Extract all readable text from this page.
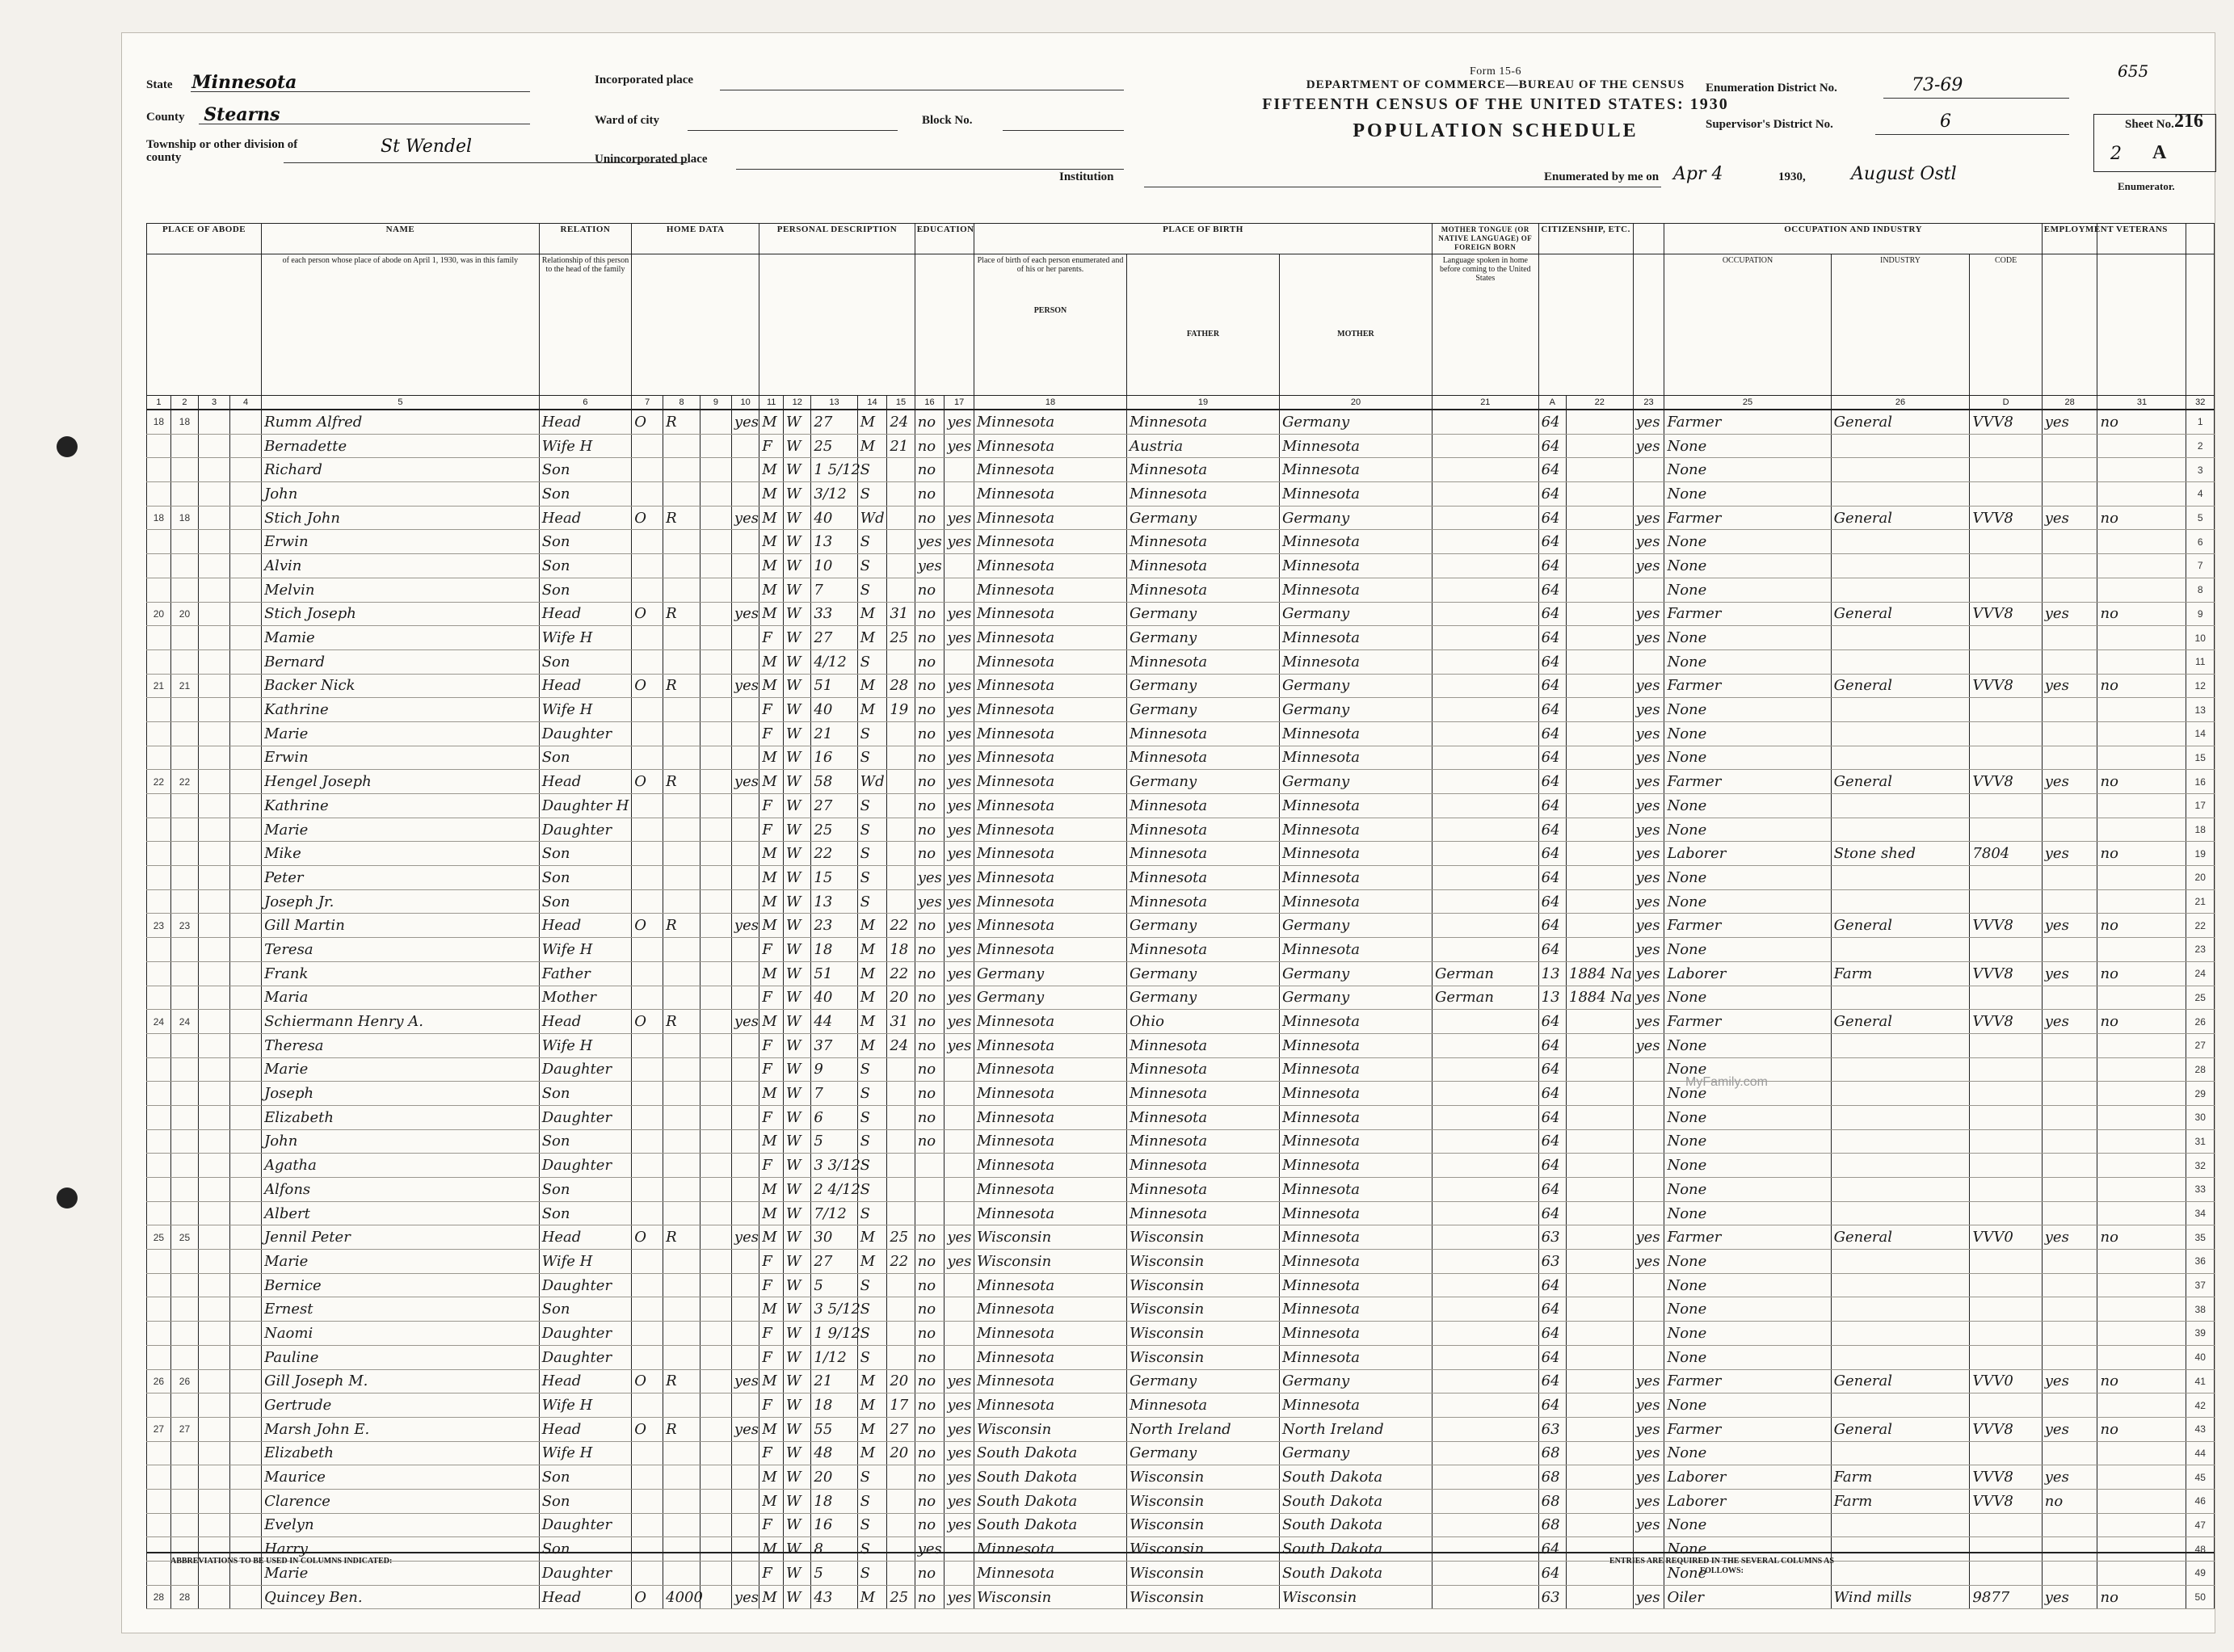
655
Form 15-6
DEPARTMENT OF COMMERCE—BUREAU OF THE CENSUS
FIFTEENTH CENSUS OF THE UNITED STATES: 1930
POPULATION SCHEDULE
State Minnesota
County Stearns
Township or other division of county
St Wendel
Incorporated place
Ward of city	Block No.
Unincorporated place
Institution
Enumeration District No.	73-69
Supervisor's District No.	6	Sheet No.
2 A
216
Enumerated by me on Apr 4	1930,	August Ostl
Enumerator.
PLACE OF ABODE				NAME	RELATION	HOME DATA				PERSONAL DESCRIPTION					EDUCATION		PLACE OF BIRTH			MOTHER TONGUE (OR NATIVE LANGUAGE) OF FOREIGN BORN	CITIZENSHIP, ETC.			OCCUPATION AND INDUSTRY			EMPLOYMENT	VETERANS	
				of each person whose place of abode on April 1, 1930, was in this family	Relationship of this person to the head of the family												Place of birth of each person enumerated and of his or her parents.
PERSON	FATHER	MOTHER	Language spoken in home before coming to the United States				OCCUPATION	INDUSTRY	CODE			
1	2	3	4	5	6	7	8	9	10	11	12	13	14	15	16	17	18	19	20	21	A	22	23	25	26	D	28	31	32
18	18			Rumm Alfred	Head	O	R		yes	M	W	27	M	24	no	yes	Minnesota	Minnesota	Germany		64		yes	Farmer	General	VVV8	yes	no	1
				Bernadette	Wife H					F	W	25	M	21	no	yes	Minnesota	Austria	Minnesota		64		yes	None					2
				Richard	Son					M	W	1 5/12	S		no		Minnesota	Minnesota	Minnesota		64			None					3
				John	Son					M	W	3/12	S		no		Minnesota	Minnesota	Minnesota		64			None					4
18	18			Stich John	Head	O	R		yes	M	W	40	Wd		no	yes	Minnesota	Germany	Germany		64		yes	Farmer	General	VVV8	yes	no	5
				Erwin	Son					M	W	13	S		yes	yes	Minnesota	Minnesota	Minnesota		64		yes	None					6
				Alvin	Son					M	W	10	S		yes		Minnesota	Minnesota	Minnesota		64		yes	None					7
				Melvin	Son					M	W	7	S		no		Minnesota	Minnesota	Minnesota		64			None					8
20	20			Stich Joseph	Head	O	R		yes	M	W	33	M	31	no	yes	Minnesota	Germany	Germany		64		yes	Farmer	General	VVV8	yes	no	9
				Mamie	Wife H					F	W	27	M	25	no	yes	Minnesota	Germany	Minnesota		64		yes	None					10
				Bernard	Son					M	W	4/12	S		no		Minnesota	Minnesota	Minnesota		64			None					11
21	21			Backer Nick	Head	O	R		yes	M	W	51	M	28	no	yes	Minnesota	Germany	Germany		64		yes	Farmer	General	VVV8	yes	no	12
				Kathrine	Wife H					F	W	40	M	19	no	yes	Minnesota	Germany	Germany		64		yes	None					13
				Marie	Daughter					F	W	21	S		no	yes	Minnesota	Minnesota	Minnesota		64		yes	None					14
				Erwin	Son					M	W	16	S		no	yes	Minnesota	Minnesota	Minnesota		64		yes	None					15
22	22			Hengel Joseph	Head	O	R		yes	M	W	58	Wd		no	yes	Minnesota	Germany	Germany		64		yes	Farmer	General	VVV8	yes	no	16
				Kathrine	Daughter H					F	W	27	S		no	yes	Minnesota	Minnesota	Minnesota		64		yes	None					17
				Marie	Daughter					F	W	25	S		no	yes	Minnesota	Minnesota	Minnesota		64		yes	None					18
				Mike	Son					M	W	22	S		no	yes	Minnesota	Minnesota	Minnesota		64		yes	Laborer	Stone shed	7804	yes	no	19
				Peter	Son					M	W	15	S		yes	yes	Minnesota	Minnesota	Minnesota		64		yes	None					20
				Joseph Jr.	Son					M	W	13	S		yes	yes	Minnesota	Minnesota	Minnesota		64		yes	None					21
23	23			Gill Martin	Head	O	R		yes	M	W	23	M	22	no	yes	Minnesota	Germany	Germany		64		yes	Farmer	General	VVV8	yes	no	22
				Teresa	Wife H					F	W	18	M	18	no	yes	Minnesota	Minnesota	Minnesota		64		yes	None					23
				Frank	Father					M	W	51	M	22	no	yes	Germany	Germany	Germany	German	13	1884 Na	yes	Laborer	Farm	VVV8	yes	no	24
				Maria	Mother					F	W	40	M	20	no	yes	Germany	Germany	Germany	German	13	1884 Na	yes	None					25
24	24			Schiermann Henry A.	Head	O	R		yes	M	W	44	M	31	no	yes	Minnesota	Ohio	Minnesota		64		yes	Farmer	General	VVV8	yes	no	26
				Theresa	Wife H					F	W	37	M	24	no	yes	Minnesota	Minnesota	Minnesota		64		yes	None					27
				Marie	Daughter					F	W	9	S		no		Minnesota	Minnesota	Minnesota		64			None					28
				Joseph	Son					M	W	7	S		no		Minnesota	Minnesota	Minnesota		64			None					29
				Elizabeth	Daughter					F	W	6	S		no		Minnesota	Minnesota	Minnesota		64			None					30
				John	Son					M	W	5	S		no		Minnesota	Minnesota	Minnesota		64			None					31
				Agatha	Daughter					F	W	3 3/12	S				Minnesota	Minnesota	Minnesota		64			None					32
				Alfons	Son					M	W	2 4/12	S				Minnesota	Minnesota	Minnesota		64			None					33
				Albert	Son					M	W	7/12	S				Minnesota	Minnesota	Minnesota		64			None					34
25	25			Jennil Peter	Head	O	R		yes	M	W	30	M	25	no	yes	Wisconsin	Wisconsin	Minnesota		63		yes	Farmer	General	VVV0	yes	no	35
				Marie	Wife H					F	W	27	M	22	no	yes	Wisconsin	Wisconsin	Minnesota		63		yes	None					36
				Bernice	Daughter					F	W	5	S		no		Minnesota	Wisconsin	Minnesota		64			None					37
				Ernest	Son					M	W	3 5/12	S		no		Minnesota	Wisconsin	Minnesota		64			None					38
				Naomi	Daughter					F	W	1 9/12	S		no		Minnesota	Wisconsin	Minnesota		64			None					39
				Pauline	Daughter					F	W	1/12	S		no		Minnesota	Wisconsin	Minnesota		64			None					40
26	26			Gill Joseph M.	Head	O	R		yes	M	W	21	M	20	no	yes	Minnesota	Germany	Germany		64		yes	Farmer	General	VVV0	yes	no	41
				Gertrude	Wife H					F	W	18	M	17	no	yes	Minnesota	Minnesota	Minnesota		64		yes	None					42
27	27			Marsh John E.	Head	O	R		yes	M	W	55	M	27	no	yes	Wisconsin	North Ireland	North Ireland		63		yes	Farmer	General	VVV8	yes	no	43
				Elizabeth	Wife H					F	W	48	M	20	no	yes	South Dakota	Germany	Germany		68		yes	None					44
				Maurice	Son					M	W	20	S		no	yes	South Dakota	Wisconsin	South Dakota		68		yes	Laborer	Farm	VVV8	yes		45
				Clarence	Son					M	W	18	S		no	yes	South Dakota	Wisconsin	South Dakota		68		yes	Laborer	Farm	VVV8	no		46
				Evelyn	Daughter					F	W	16	S		no	yes	South Dakota	Wisconsin	South Dakota		68		yes	None					47
				Harry	Son					M	W	8	S		yes		Minnesota	Wisconsin	South Dakota		64			None					48
				Marie	Daughter					F	W	5	S		no		Minnesota	Wisconsin	South Dakota		64			None					49
28	28			Quincey Ben.	Head	O	4000		yes	M	W	43	M	25	no	yes	Wisconsin	Wisconsin	Wisconsin		63		yes	Oiler	Wind mills	9877	yes	no	50
MyFamily.com
ABBREVIATIONS TO BE USED IN COLUMNS INDICATED:	ENTRIES ARE REQUIRED IN THE SEVERAL COLUMNS AS FOLLOWS:
